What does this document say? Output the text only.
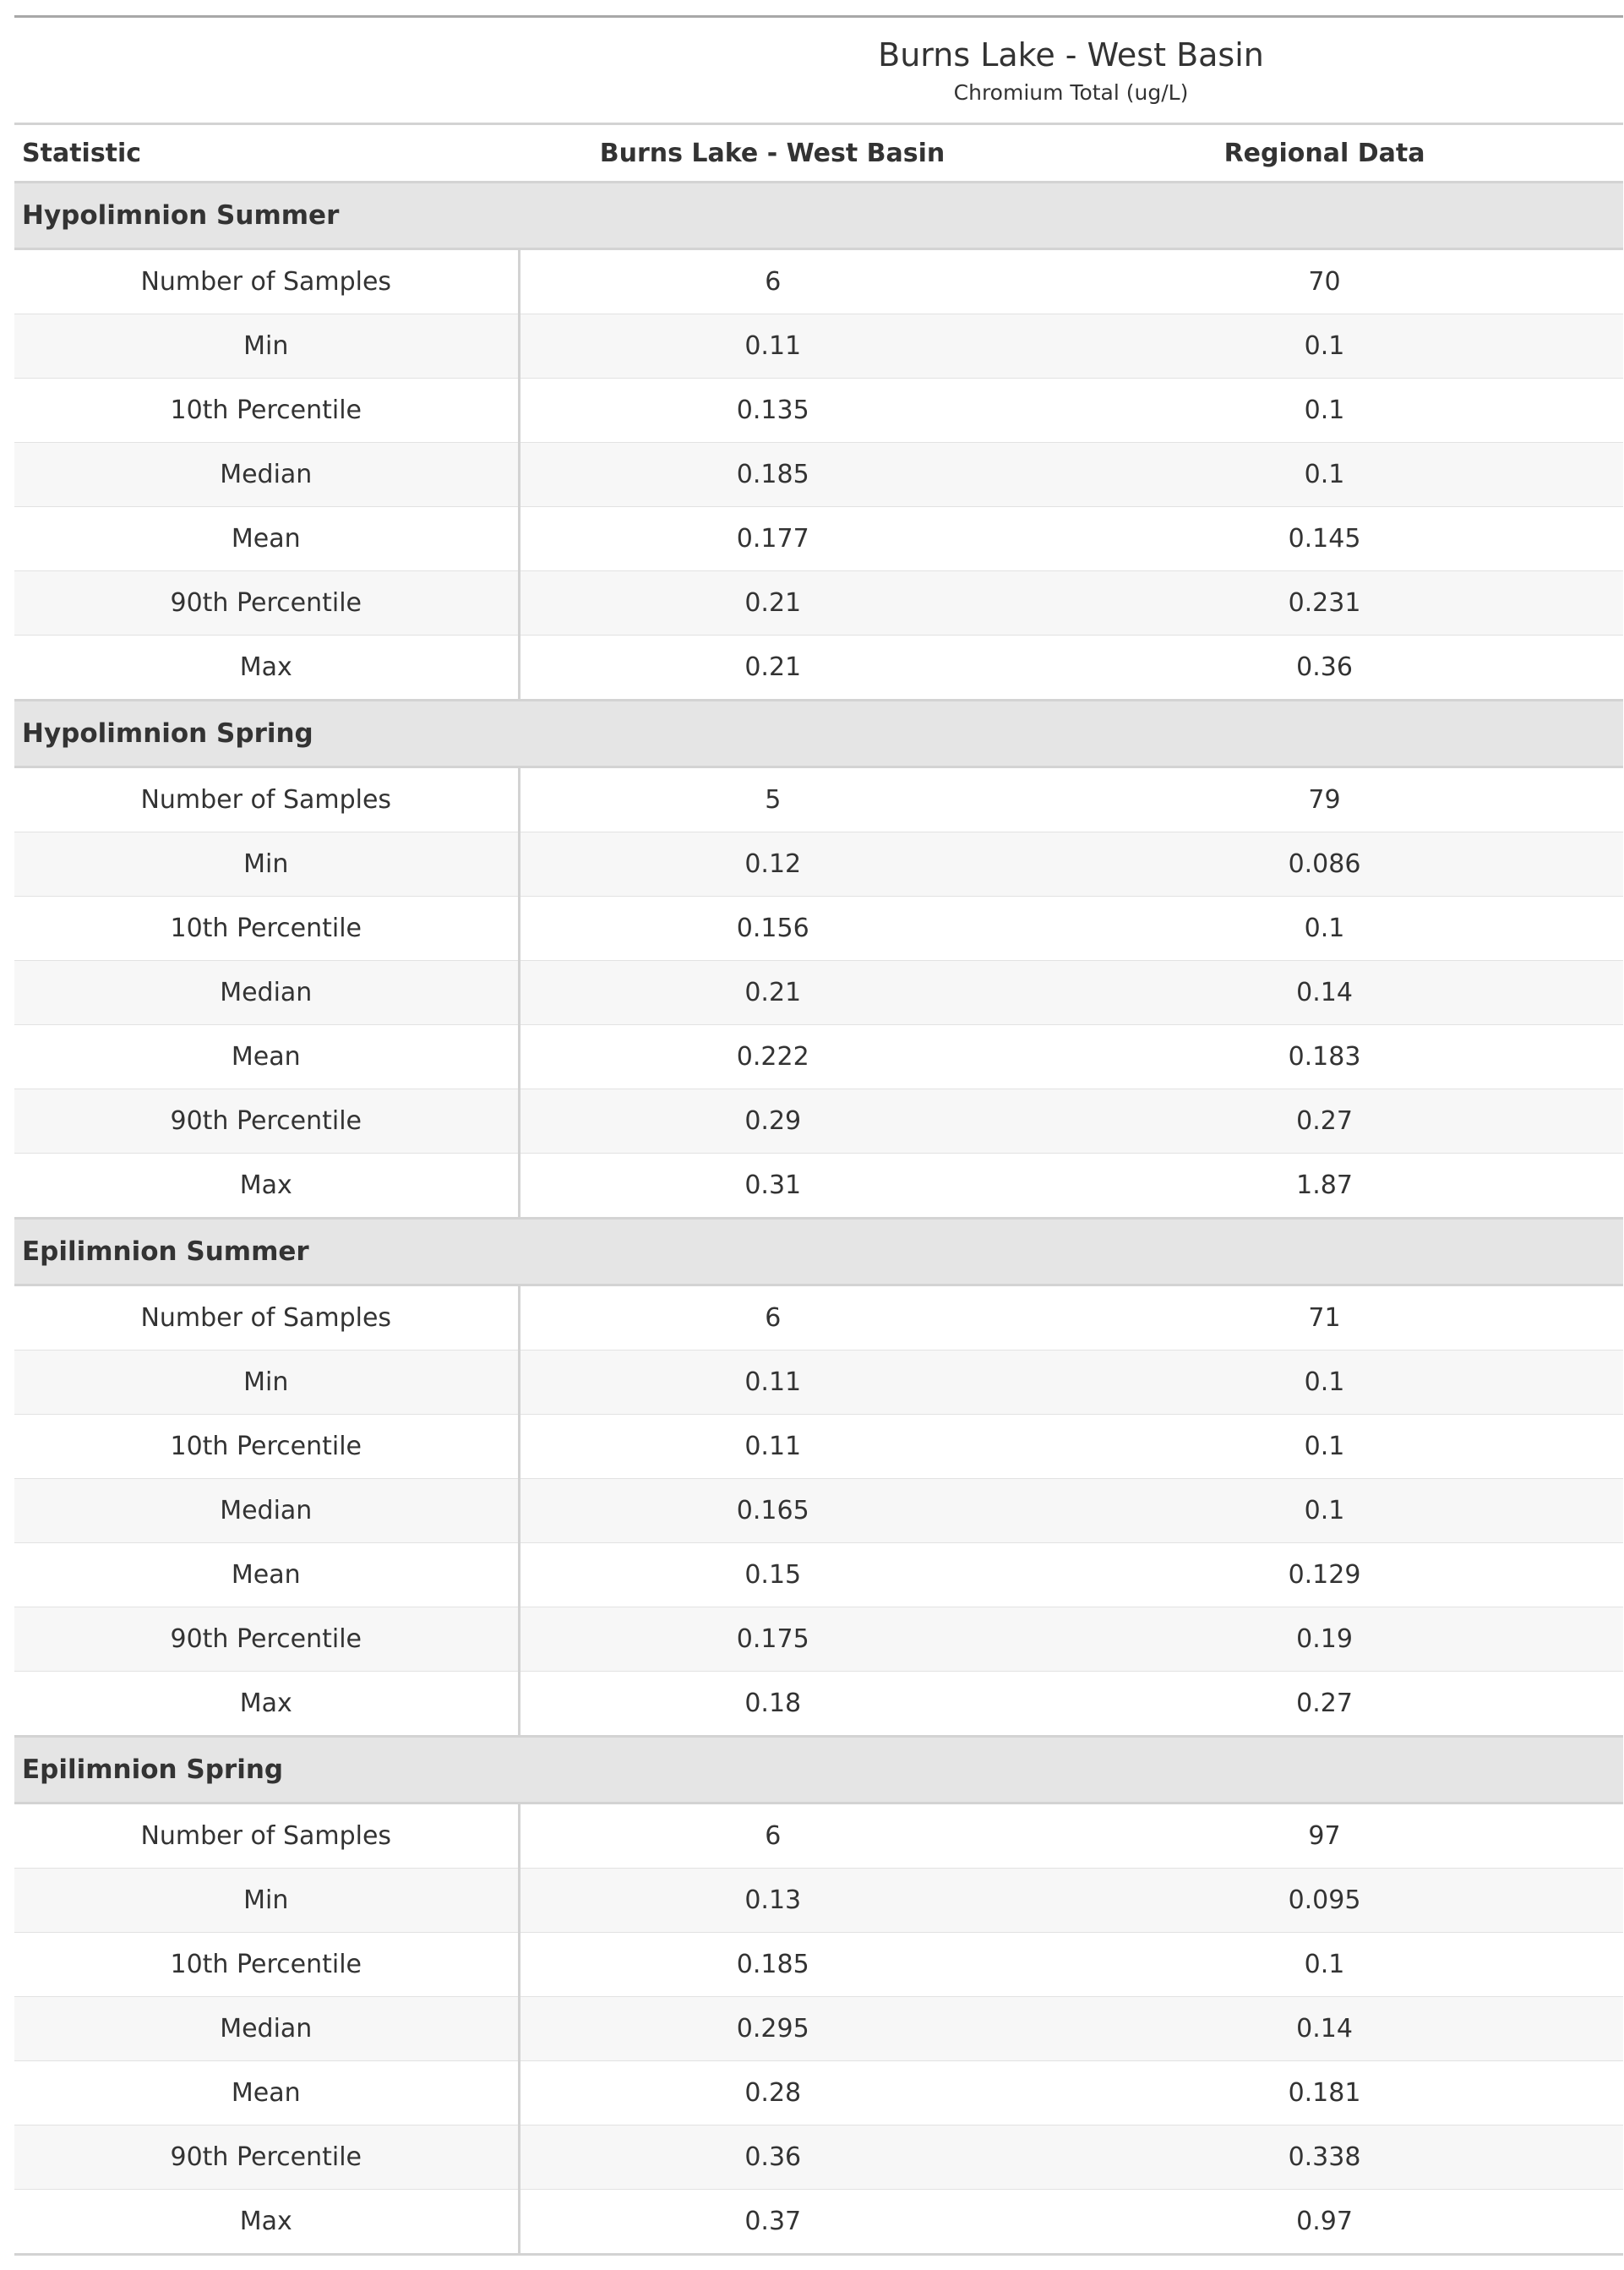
	Burns Lake - West Basin	
	Chromium Total (ug/L)	
Statistic	Burns Lake - West Basin	Regional Data
Hypolimnion Summer		
Number of Samples	6	70
Min	0.11	0.1
10th Percentile	0.135	0.1
Median	0.185	0.1
Mean	0.177	0.145
90th Percentile	0.21	0.231
Max	0.21	0.36
Hypolimnion Spring		
Number of Samples	5	79
Min	0.12	0.086
10th Percentile	0.156	0.1
Median	0.21	0.14
Mean	0.222	0.183
90th Percentile	0.29	0.27
Max	0.31	1.87
Epilimnion Summer		
Number of Samples	6	71
Min	0.11	0.1
10th Percentile	0.11	0.1
Median	0.165	0.1
Mean	0.15	0.129
90th Percentile	0.175	0.19
Max	0.18	0.27
Epilimnion Spring		
Number of Samples	6	97
Min	0.13	0.095
10th Percentile	0.185	0.1
Median	0.295	0.14
Mean	0.28	0.181
90th Percentile	0.36	0.338
Max	0.37	0.97
